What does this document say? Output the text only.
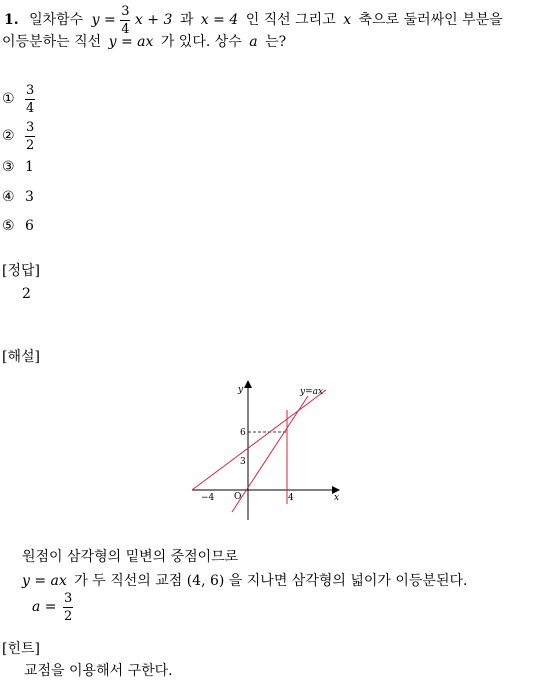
1. 일차함수 $y = \frac{3}{4}$ x + 3 과 x = 4 인 직선 그리고 x 축으로 둘러싸인 부분을
이등분하는 직선 y = ax 가 있다. 상수 a 는?
① $\frac{3}{4}$
② $\frac{3}{2}$
③ 1
④ 3
⑤ 6
[정답]
2
[해설]
y
x
y=ax
O
−4	4
3
6
원점이 삼각형의 밑변의 중점이므로
y = ax 가 두 직선의 교점 (4, 6) 을 지나면 삼각형의 넓이가 이등분된다.
$a = \frac{3}{2}$
[힌트]
교점을 이용해서 구한다.
